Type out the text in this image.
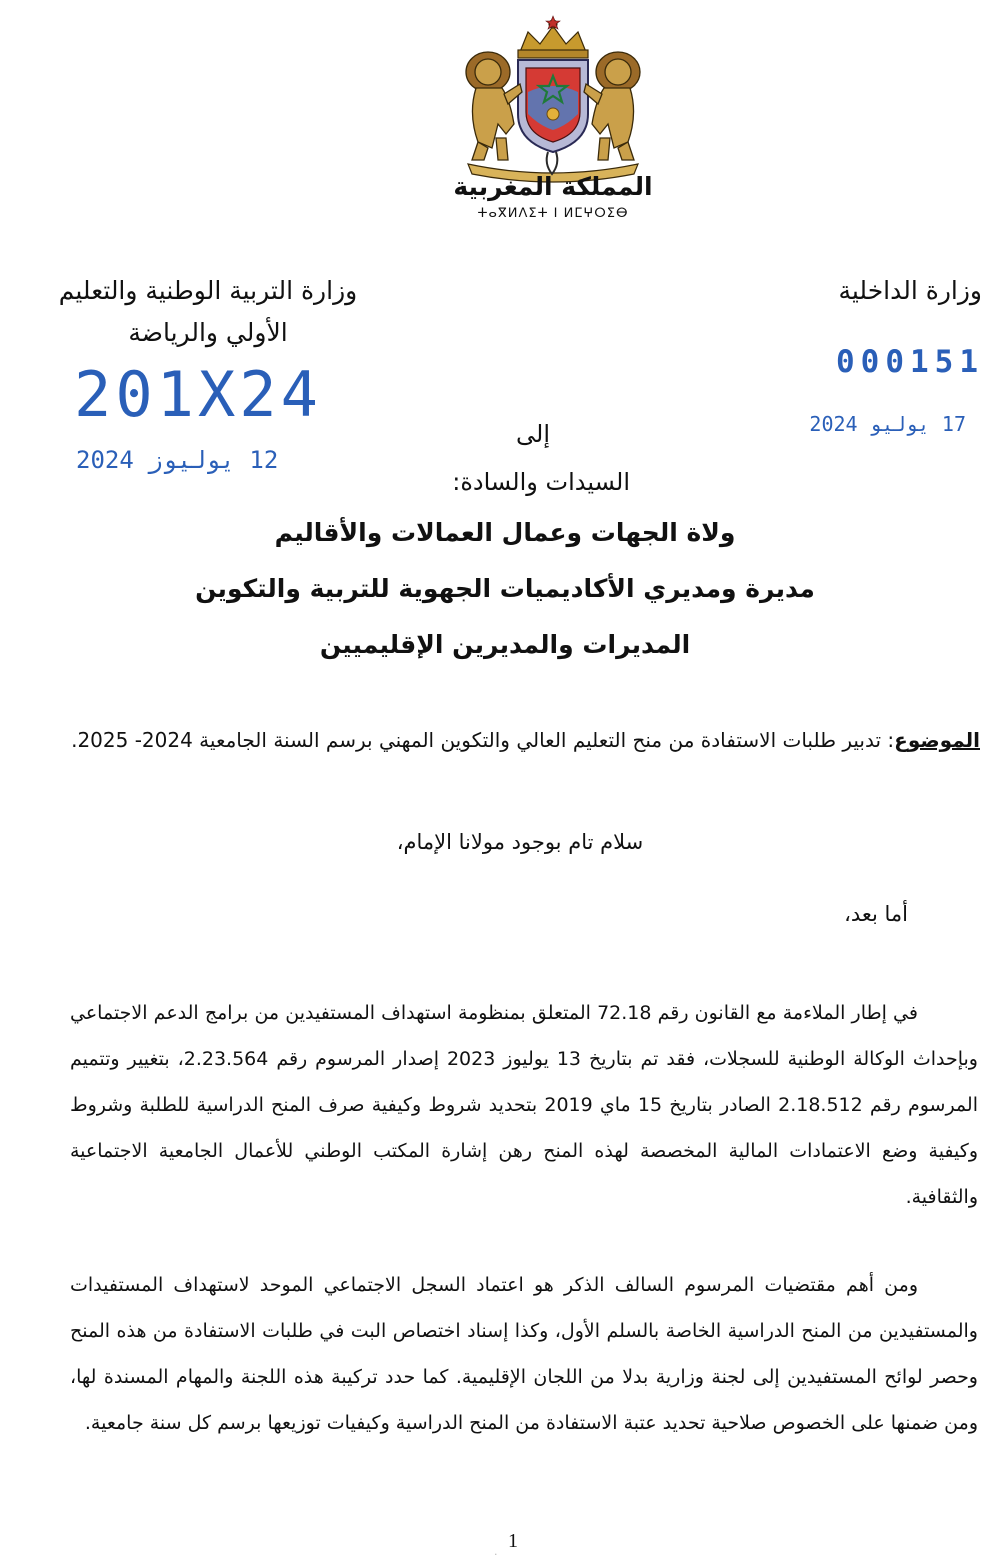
المملكة المغربية
ⵜⴰⴳⵍⴷⵉⵜ ⵏ ⵍⵎⵖⵔⵉⴱ
وزارة الداخلية
وزارة التربية الوطنية والتعليم
الأولي والرياضة
000151
17 يوليو 2024
201X24
12 يوليوز 2024
إلى
السيدات والسادة:
ولاة الجهات وعمال العمالات والأقاليم
مديرة ومديري الأكاديميات الجهوية للتربية والتكوين
المديرات والمديرين الإقليميين
الموضوع: تدبير طلبات الاستفادة من منح التعليم العالي والتكوين المهني برسم السنة الجامعية 2024- 2025.
سلام تام بوجود مولانا الإمام،
أما بعد،
في إطار الملاءمة مع القانون رقم 72.18 المتعلق بمنظومة استهداف المستفيدين من برامج الدعم الاجتماعي وبإحداث الوكالة الوطنية للسجلات، فقد تم بتاريخ 13 يوليوز 2023 إصدار المرسوم رقم 2.23.564، بتغيير وتتميم المرسوم رقم 2.18.512 الصادر بتاريخ 15 ماي 2019 بتحديد شروط وكيفية صرف المنح الدراسية للطلبة وشروط وكيفية وضع الاعتمادات المالية المخصصة لهذه المنح رهن إشارة المكتب الوطني للأعمال الجامعية الاجتماعية والثقافية.
ومن أهم مقتضيات المرسوم السالف الذكر هو اعتماد السجل الاجتماعي الموحد لاستهداف المستفيدات والمستفيدين من المنح الدراسية الخاصة بالسلم الأول، وكذا إسناد اختصاص البت في طلبات الاستفادة من هذه المنح وحصر لوائح المستفيدين إلى لجنة وزارية بدلا من اللجان الإقليمية. كما حدد تركيبة هذه اللجنة والمهام المسندة لها، ومن ضمنها على الخصوص صلاحية تحديد عتبة الاستفادة من المنح الدراسية وكيفيات توزيعها برسم كل سنة جامعية.
1
·
